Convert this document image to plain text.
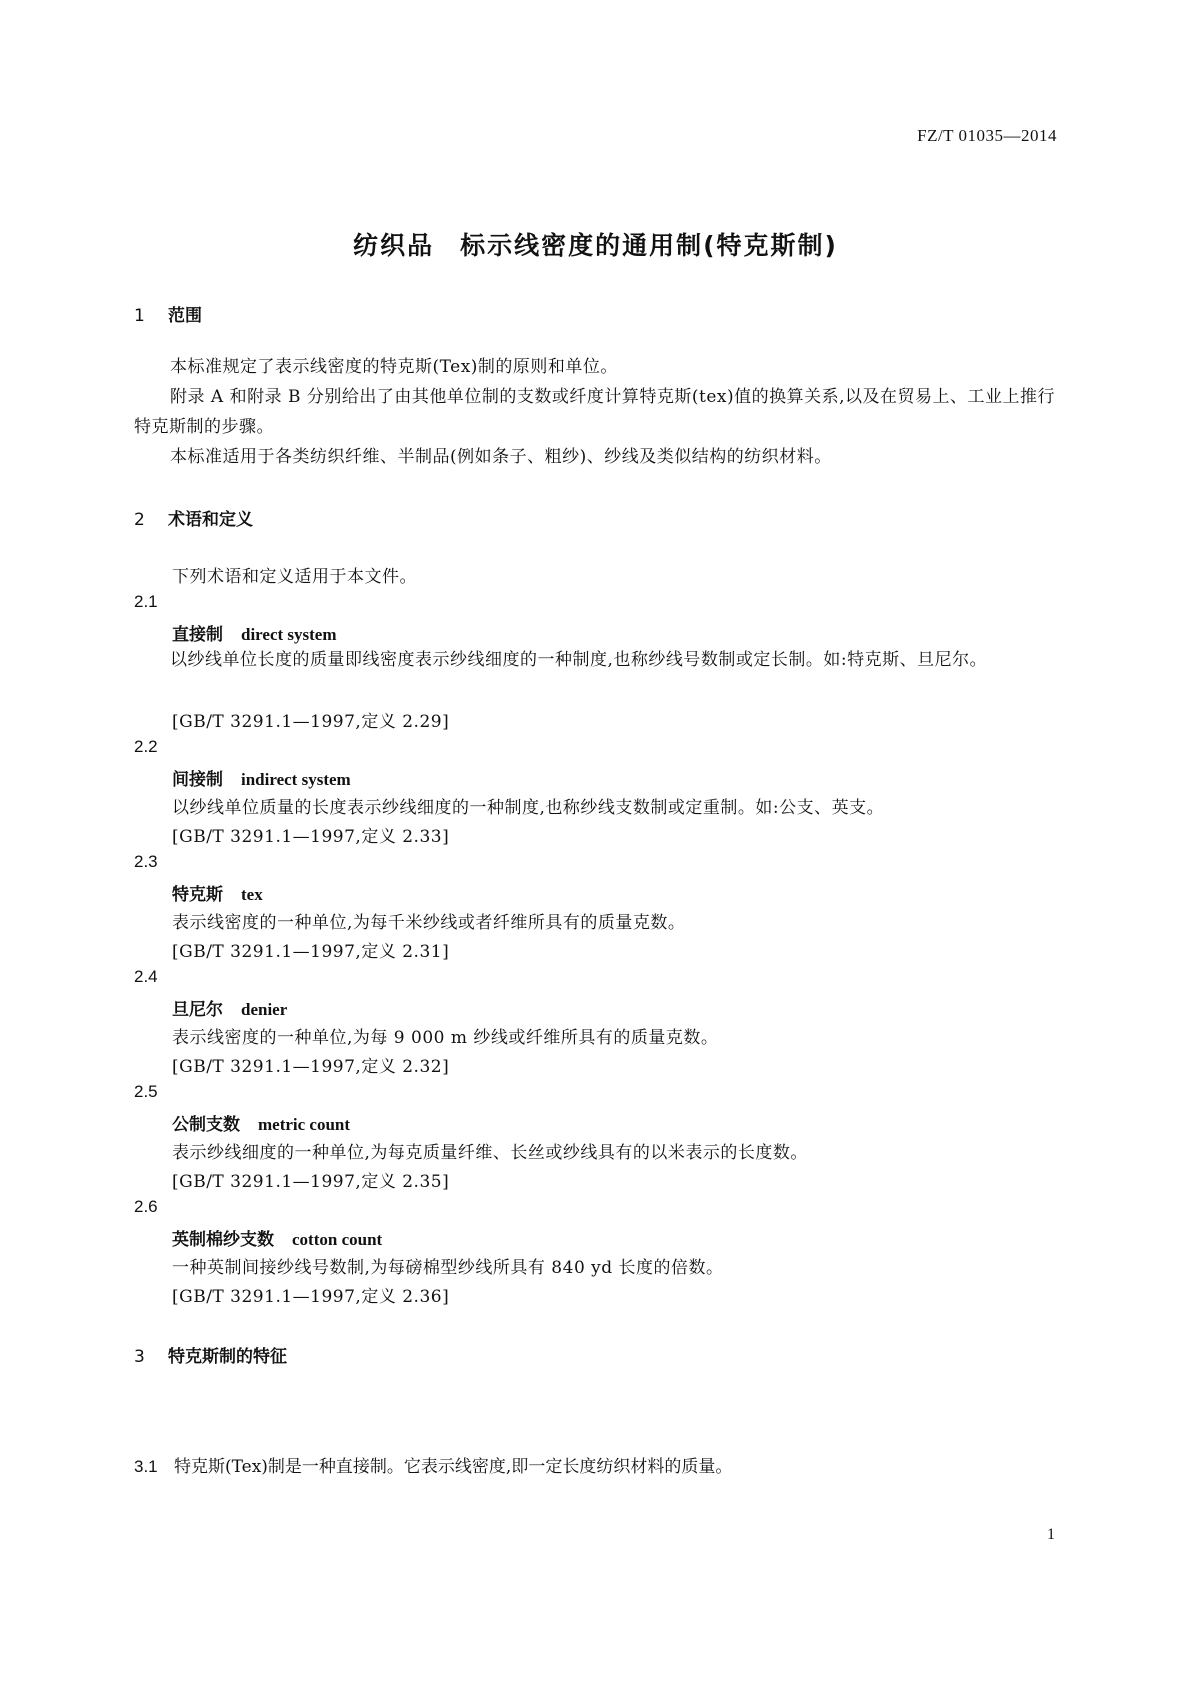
FZ/T 01035—2014
纺织品 标示线密度的通用制(特克斯制)
1 范围
本标准规定了表示线密度的特克斯(Tex)制的原则和单位。
附录 A 和附录 B 分别给出了由其他单位制的支数或纤度计算特克斯(tex)值的换算关系,以及在贸易上、工业上推行特克斯制的步骤。
本标准适用于各类纺织纤维、半制品(例如条子、粗纱)、纱线及类似结构的纺织材料。
2 术语和定义
下列术语和定义适用于本文件。
2.1
直接制 direct system
以纱线单位长度的质量即线密度表示纱线细度的一种制度,也称纱线号数制或定长制。如:特克斯、旦尼尔。
[GB/T 3291.1—1997,定义 2.29]
2.2
间接制 indirect system
以纱线单位质量的长度表示纱线细度的一种制度,也称纱线支数制或定重制。如:公支、英支。
[GB/T 3291.1—1997,定义 2.33]
2.3
特克斯 tex
表示线密度的一种单位,为每千米纱线或者纤维所具有的质量克数。
[GB/T 3291.1—1997,定义 2.31]
2.4
旦尼尔 denier
表示线密度的一种单位,为每 9 000 m 纱线或纤维所具有的质量克数。
[GB/T 3291.1—1997,定义 2.32]
2.5
公制支数 metric count
表示纱线细度的一种单位,为每克质量纤维、长丝或纱线具有的以米表示的长度数。
[GB/T 3291.1—1997,定义 2.35]
2.6
英制棉纱支数 cotton count
一种英制间接纱线号数制,为每磅棉型纱线所具有 840 yd 长度的倍数。
[GB/T 3291.1—1997,定义 2.36]
3 特克斯制的特征
3.1 特克斯(Tex)制是一种直接制。它表示线密度,即一定长度纺织材料的质量。
1
